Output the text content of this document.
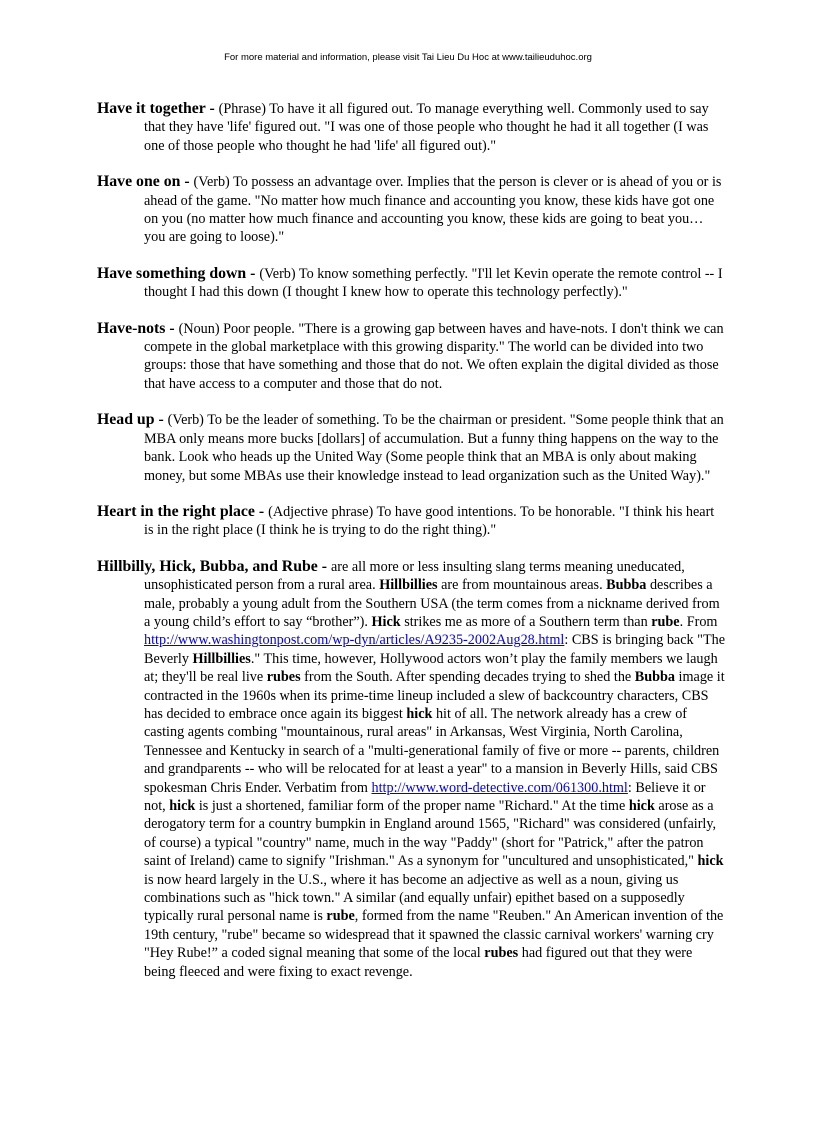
For more material and information, please visit Tai Lieu Du Hoc at www.tailieuduhoc.org

Have it together - (Phrase) To have it all figured out. To manage everything well. Commonly used to say that they have 'life' figured out. "I was one of those people who thought he had it all together (I was one of those people who thought he had 'life' all figured out)."

Have one on - (Verb) To possess an advantage over. Implies that the person is clever or is ahead of you or is ahead of the game. "No matter how much finance and accounting you know, these kids have got one on you (no matter how much finance and accounting you know, these kids are going to beat you… you are going to loose)."

Have something down - (Verb) To know something perfectly. "I'll let Kevin operate the remote control -- I thought I had this down (I thought I knew how to operate this technology perfectly)."

Have-nots - (Noun) Poor people. "There is a growing gap between haves and have-nots. I don't think we can compete in the global marketplace with this growing disparity." The world can be divided into two groups: those that have something and those that do not. We often explain the digital divided as those that have access to a computer and those that do not.

Head up - (Verb) To be the leader of something. To be the chairman or president. "Some people think that an MBA only means more bucks [dollars] of accumulation. But a funny thing happens on the way to the bank. Look who heads up the United Way (Some people think that an MBA is only about making money, but some MBAs use their knowledge instead to lead organization such as the United Way)."

Heart in the right place - (Adjective phrase) To have good intentions. To be honorable. "I think his heart is in the right place (I think he is trying to do the right thing)."

Hillbilly, Hick, Bubba, and Rube - are all more or less insulting slang terms meaning uneducated, unsophisticated person from a rural area. Hillbillies are from mountainous areas. Bubba describes a male, probably a young adult from the Southern USA (the term comes from a nickname derived from a young child’s effort to say “brother”). Hick strikes me as more of a Southern term than rube. From http://www.washingtonpost.com/wp-dyn/articles/A9235-2002Aug28.html: CBS is bringing back "The Beverly Hillbillies." This time, however, Hollywood actors won’t play the family members we laugh at; they'll be real live rubes from the South. After spending decades trying to shed the Bubba image it contracted in the 1960s when its prime-time lineup included a slew of backcountry characters, CBS has decided to embrace once again its biggest hick hit of all. The network already has a crew of casting agents combing "mountainous, rural areas" in Arkansas, West Virginia, North Carolina, Tennessee and Kentucky in search of a "multi-generational family of five or more -- parents, children and grandparents -- who will be relocated for at least a year" to a mansion in Beverly Hills, said CBS spokesman Chris Ender. Verbatim from http://www.word-detective.com/061300.html: Believe it or not, hick is just a shortened, familiar form of the proper name "Richard." At the time hick arose as a derogatory term for a country bumpkin in England around 1565, "Richard" was considered (unfairly, of course) a typical "country" name, much in the way "Paddy" (short for "Patrick," after the patron saint of Ireland) came to signify "Irishman." As a synonym for "uncultured and unsophisticated," hick is now heard largely in the U.S., where it has become an adjective as well as a noun, giving us combinations such as "hick town." A similar (and equally unfair) epithet based on a supposedly typically rural personal name is rube, formed from the name "Reuben." An American invention of the 19th century, "rube" became so widespread that it spawned the classic carnival workers' warning cry "Hey Rube!” a coded signal meaning that some of the local rubes had figured out that they were being fleeced and were fixing to exact revenge.
